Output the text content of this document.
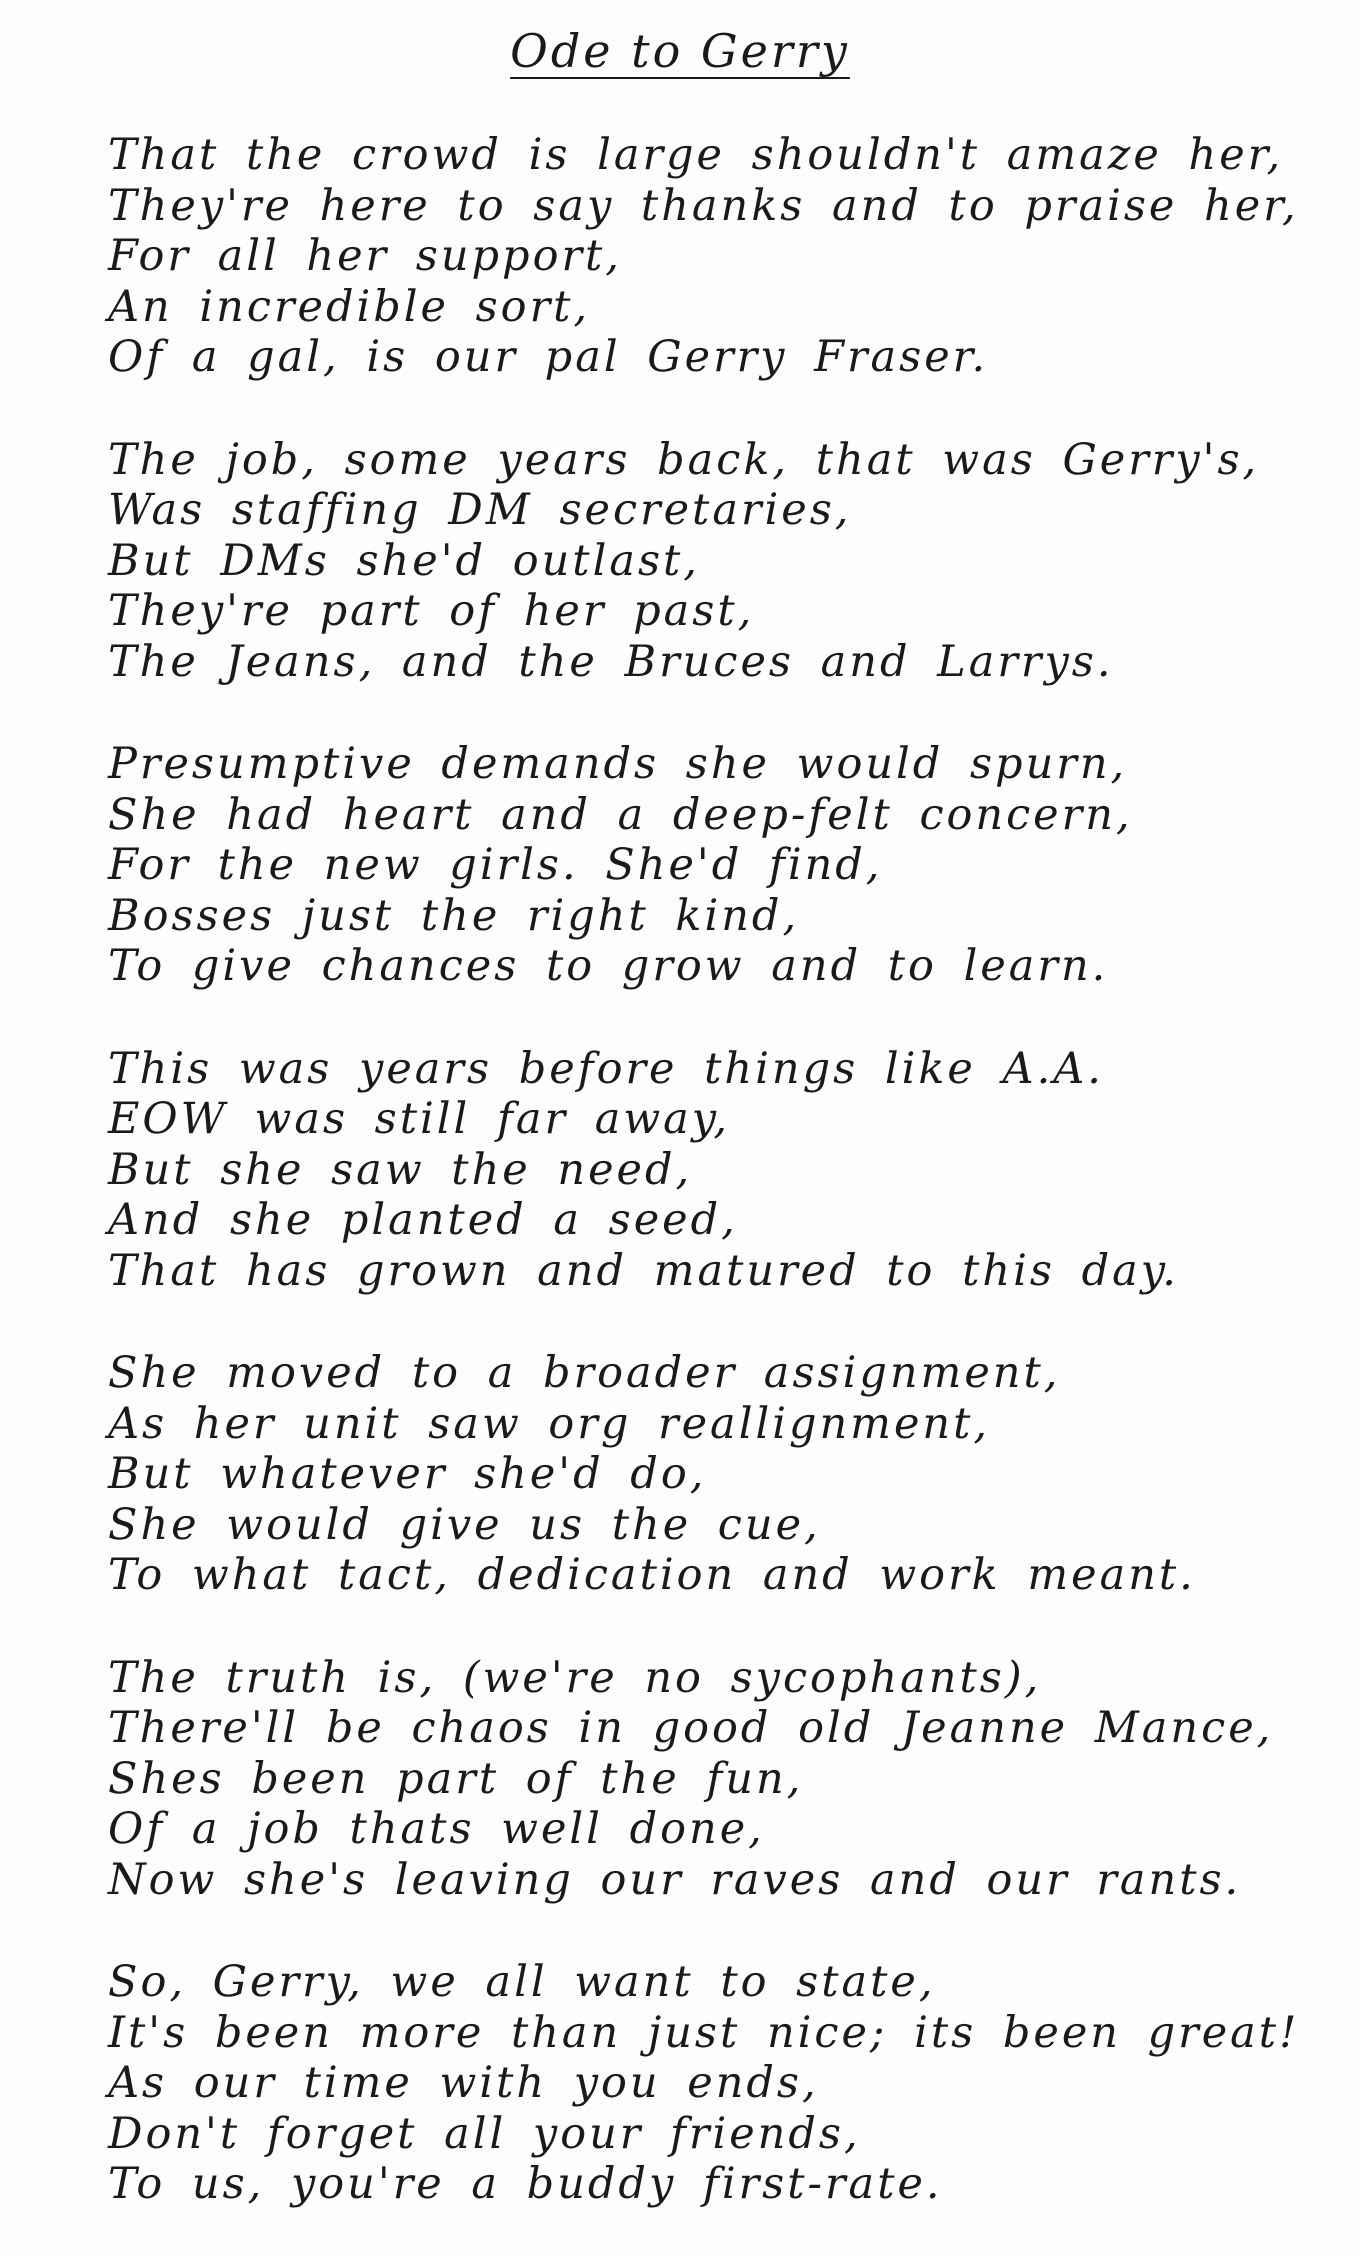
Ode to Gerry
That the crowd is large shouldn't amaze her,
They're here to say thanks and to praise her,
For all her support,
An incredible sort,
Of a gal, is our pal Gerry Fraser.
The job, some years back, that was Gerry's,
Was staffing DM secretaries,
But DMs she'd outlast,
They're part of her past,
The Jeans, and the Bruces and Larrys.
Presumptive demands she would spurn,
She had heart and a deep-felt concern,
For the new girls. She'd find,
Bosses just the right kind,
To give chances to grow and to learn.
This was years before things like A.A.
EOW was still far away,
But she saw the need,
And she planted a seed,
That has grown and matured to this day.
She moved to a broader assignment,
As her unit saw org reallignment,
But whatever she'd do,
She would give us the cue,
To what tact, dedication and work meant.
The truth is, (we're no sycophants),
There'll be chaos in good old Jeanne Mance,
Shes been part of the fun,
Of a job thats well done,
Now she's leaving our raves and our rants.
So, Gerry, we all want to state,
It's been more than just nice; its been great!
As our time with you ends,
Don't forget all your friends,
To us, you're a buddy first-rate.
